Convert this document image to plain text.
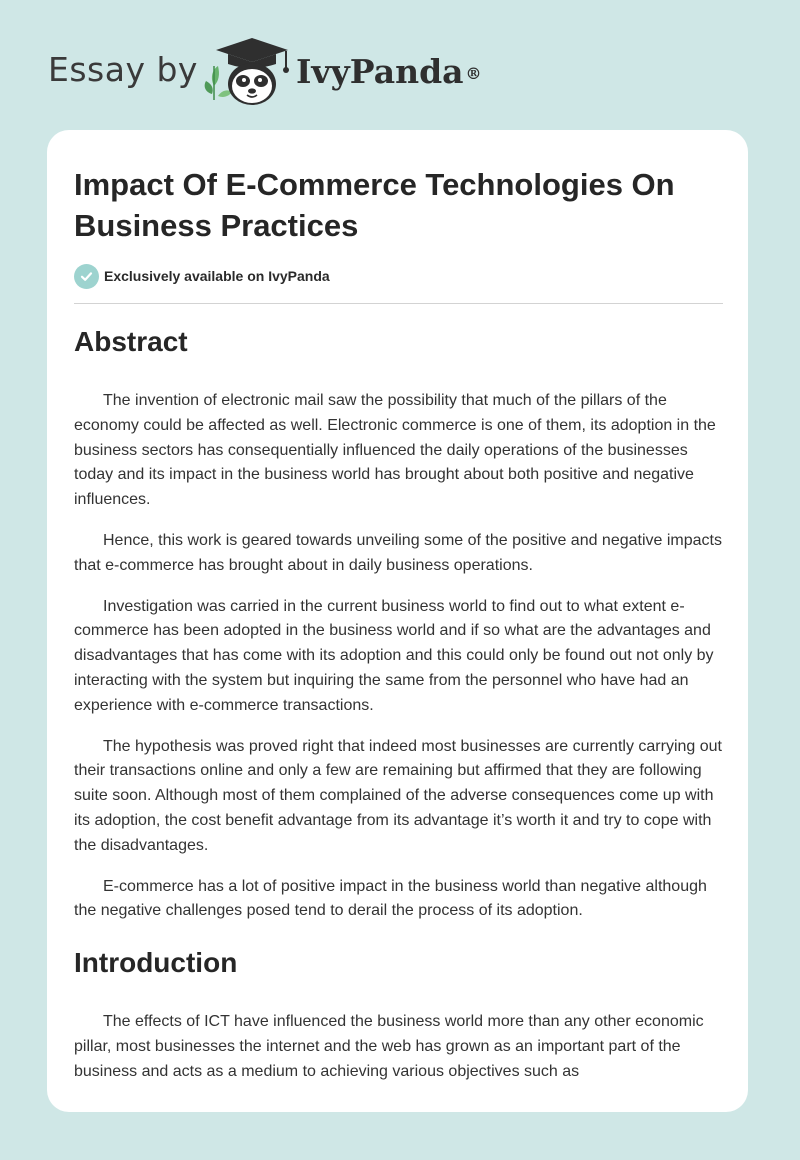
Essay by	IvyPanda ®
Impact Of E-Commerce Technologies On Business Practices
Exclusively available on IvyPanda
Abstract

The invention of electronic mail saw the possibility that much of the pillars of the economy could be affected as well. Electronic commerce is one of them, its adoption in the business sectors has consequentially influenced the daily operations of the businesses today and its impact in the business world has brought about both positive and negative influences.

Hence, this work is geared towards unveiling some of the positive and negative impacts that e-commerce has brought about in daily business operations.

Investigation was carried in the current business world to find out to what extent e-commerce has been adopted in the business world and if so what are the advantages and disadvantages that has come with its adoption and this could only be found out not only by interacting with the system but inquiring the same from the personnel who have had an experience with e-commerce transactions.

The hypothesis was proved right that indeed most businesses are currently carrying out their transactions online and only a few are remaining but affirmed that they are following suite soon. Although most of them complained of the adverse consequences come up with its adoption, the cost benefit advantage from its advantage it’s worth it and try to cope with the disadvantages.

E-commerce has a lot of positive impact in the business world than negative although the negative challenges posed tend to derail the process of its adoption.

Introduction

The effects of ICT have influenced the business world more than any other economic pillar, most businesses the internet and the web has grown as an important part of the business and acts as a medium to achieving various objectives such as
